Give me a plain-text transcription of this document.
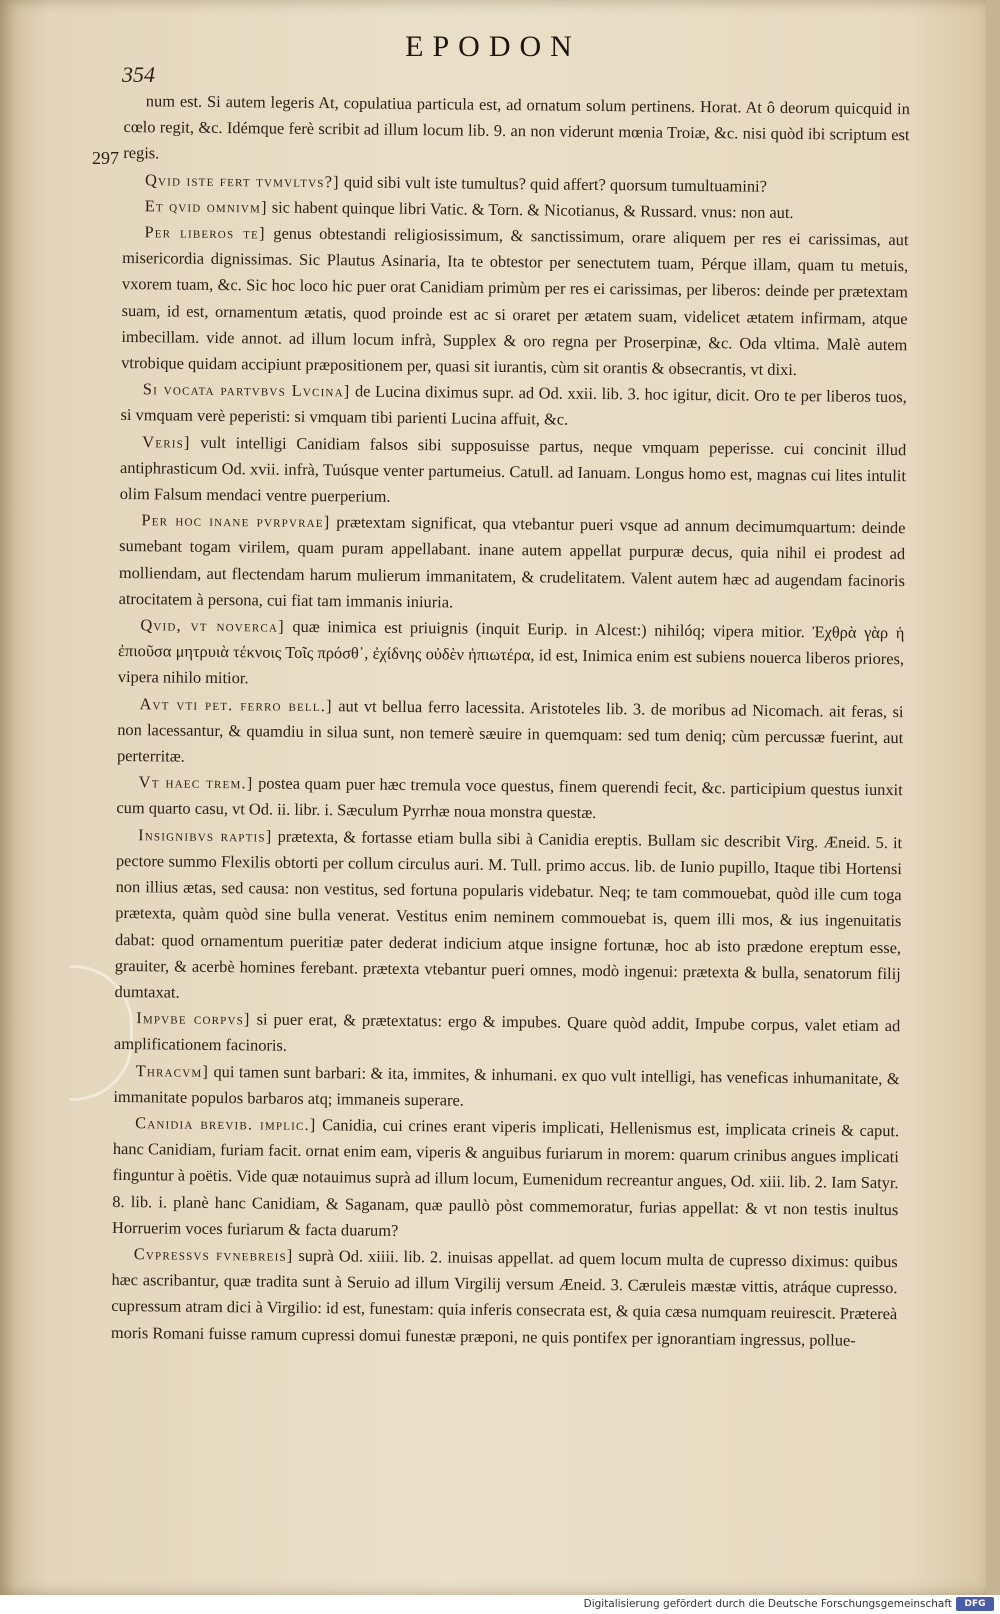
EPODON
354
297

num est. Si autem legeris At, copulatiua particula est, ad ornatum solum pertinens. Horat. At ô deorum quicquid in cœlo regit, &c. Idémque ferè scribit ad illum locum lib. 9. an non viderunt mœnia Troiæ, &c. nisi quòd ibi scriptum est regis.

Qvid iste fert tvmvltvs?] quid sibi vult iste tumultus? quid affert? quorsum tumultuamini?

Et qvid omnivm] sic habent quinque libri Vatic. & Torn. & Nicotianus, & Russard. vnus: non aut.

Per liberos te] genus obtestandi religiosissimum, & sanctissimum, orare aliquem per res ei carissimas, aut misericordia dignissimas. Sic Plautus Asinaria, Ita te obtestor per senectutem tuam, Pérque illam, quam tu metuis, vxorem tuam, &c. Sic hoc loco hic puer orat Canidiam primùm per res ei carissimas, per liberos: deinde per prætextam suam, id est, ornamentum ætatis, quod proinde est ac si oraret per ætatem suam, videlicet ætatem infirmam, atque imbecillam. vide annot. ad illum locum infrà, Supplex & oro regna per Proserpinæ, &c. Oda vltima. Malè autem vtrobique quidam accipiunt præpositionem per, quasi sit iurantis, cùm sit orantis & obsecrantis, vt dixi.

Si vocata partvbvs Lvcina] de Lucina diximus supr. ad Od. xxii. lib. 3. hoc igitur, dicit. Oro te per liberos tuos, si vmquam verè peperisti: si vmquam tibi parienti Lucina affuit, &c.

Veris] vult intelligi Canidiam falsos sibi supposuisse partus, neque vmquam peperisse. cui concinit illud antiphrasticum Od. xvii. infrà, Tuúsque venter partumeius. Catull. ad Ianuam. Longus homo est, magnas cui lites intulit olim Falsum mendaci ventre puerperium.

Per hoc inane pvrpvrae] prætextam significat, qua vtebantur pueri vsque ad annum decimumquartum: deinde sumebant togam virilem, quam puram appellabant. inane autem appellat purpuræ decus, quia nihil ei prodest ad molliendam, aut flectendam harum mulierum immanitatem, & crudelitatem. Valent autem hæc ad augendam facinoris atrocitatem à persona, cui fiat tam immanis iniuria.

Qvid, vt noverca] quæ inimica est priuignis (inquit Eurip. in Alcest:) nihilóq; vipera mitior. Ἐχθρὰ γὰρ ἡ ἐπιοῦσα μητρυιὰ τέκνοις Τοῖς πρόσθ᾽, ἐχίδνης οὐδὲν ἠπιωτέρα, id est, Inimica enim est subiens nouerca liberos priores, vipera nihilo mitior.

Avt vti pet. ferro bell.] aut vt bellua ferro lacessita. Aristoteles lib. 3. de moribus ad Nicomach. ait feras, si non lacessantur, & quamdiu in silua sunt, non temerè sæuire in quemquam: sed tum deniq; cùm percussæ fuerint, aut perterritæ.

Vt haec trem.] postea quam puer hæc tremula voce questus, finem querendi fecit, &c. participium questus iunxit cum quarto casu, vt Od. ii. libr. i. Sæculum Pyrrhæ noua monstra questæ.

Insignibvs raptis] prætexta, & fortasse etiam bulla sibi à Canidia ereptis. Bullam sic describit Virg. Æneid. 5. it pectore summo Flexilis obtorti per collum circulus auri. M. Tull. primo accus. lib. de Iunio pupillo, Itaque tibi Hortensi non illius ætas, sed causa: non vestitus, sed fortuna popularis videbatur. Neq; te tam commouebat, quòd ille cum toga prætexta, quàm quòd sine bulla venerat. Vestitus enim neminem commouebat is, quem illi mos, & ius ingenuitatis dabat: quod ornamentum pueritiæ pater dederat indicium atque insigne fortunæ, hoc ab isto prædone ereptum esse, grauiter, & acerbè homines ferebant. prætexta vtebantur pueri omnes, modò ingenui: prætexta & bulla, senatorum filij dumtaxat.

Impvbe corpvs] si puer erat, & prætextatus: ergo & impubes. Quare quòd addit, Impube corpus, valet etiam ad amplificationem facinoris.

Thracvm] qui tamen sunt barbari: & ita, immites, & inhumani. ex quo vult intelligi, has veneficas inhumanitate, & immanitate populos barbaros atq; immaneis superare.

Canidia brevib. implic.] Canidia, cui crines erant viperis implicati, Hellenismus est, implicata crineis & caput. hanc Canidiam, furiam facit. ornat enim eam, viperis & anguibus furiarum in morem: quarum crinibus angues implicati finguntur à poëtis. Vide quæ notauimus suprà ad illum locum, Eumenidum recreantur angues, Od. xiii. lib. 2. Iam Satyr. 8. lib. i. planè hanc Canidiam, & Saganam, quæ paullò pòst commemoratur, furias appellat: & vt non testis inultus Horruerim voces furiarum & facta duarum?

Cvpressvs fvnebreis] suprà Od. xiiii. lib. 2. inuisas appellat. ad quem locum multa de cupresso diximus: quibus hæc ascribantur, quæ tradita sunt à Seruio ad illum Virgilij versum Æneid. 3. Cæruleis mæstæ vittis, atráque cupresso. cupressum atram dici à Virgilio: id est, funestam: quia inferis consecrata est, & quia cæsa numquam reuirescit. Prætereà moris Romani fuisse ramum cupressi domui funestæ præponi, ne quis pontifex per ignorantiam ingressus, pollue-

Digitalisierung gefördert durch die Deutsche Forschungsgemeinschaft	DFG
